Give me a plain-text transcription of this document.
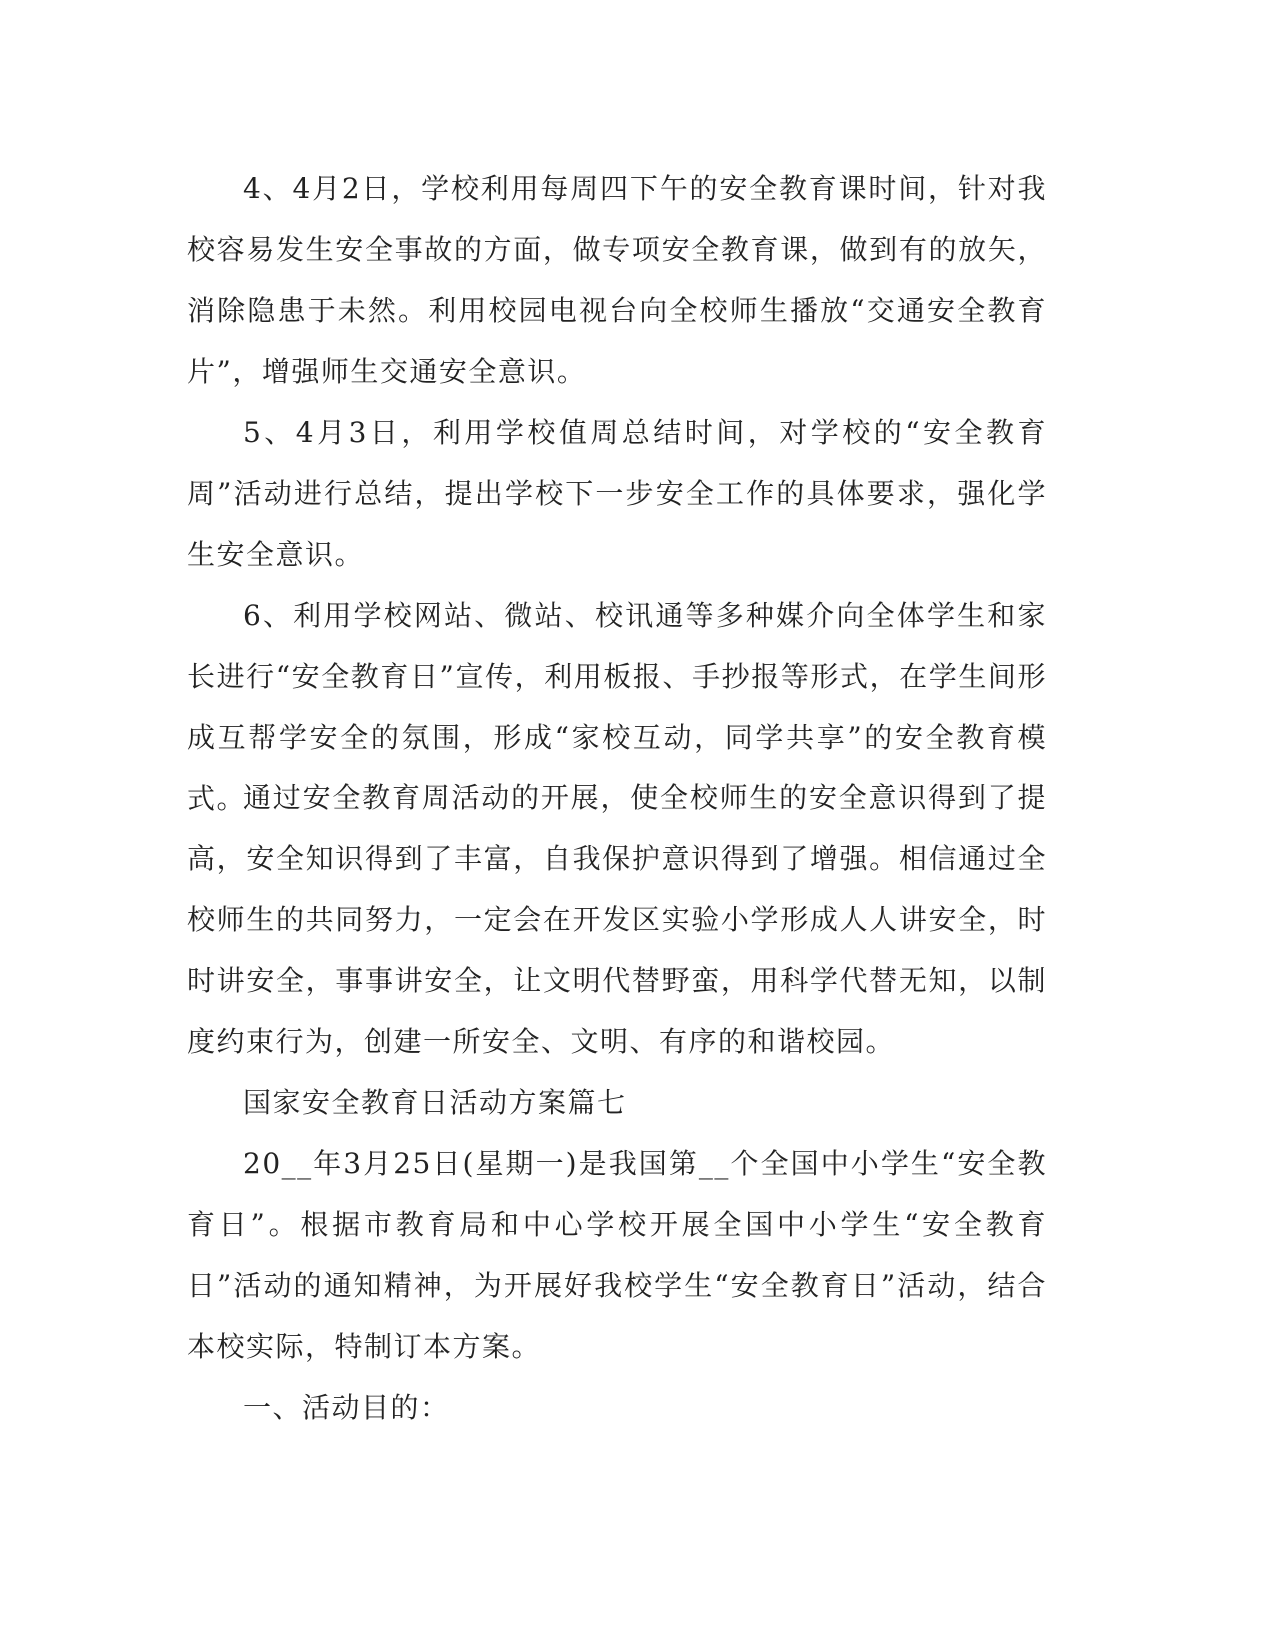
4、4月2日，学校利用每周四下午的安全教育课时间，针对我校容易发生安全事故的方面，做专项安全教育课，做到有的放矢，消除隐患于未然。利用校园电视台向全校师生播放“交通安全教育片”，增强师生交通安全意识。

5、4月3日，利用学校值周总结时间，对学校的“安全教育周”活动进行总结，提出学校下一步安全工作的具体要求，强化学生安全意识。

6、利用学校网站、微站、校讯通等多种媒介向全体学生和家长进行“安全教育日”宣传，利用板报、手抄报等形式，在学生间形成互帮学安全的氛围，形成“家校互动，同学共享”的安全教育模式。

通过安全教育周活动的开展，使全校师生的安全意识得到了提高，安全知识得到了丰富，自我保护意识得到了增强。相信通过全校师生的共同努力，一定会在开发区实验小学形成人人讲安全，时时讲安全，事事讲安全，让文明代替野蛮，用科学代替无知，以制度约束行为，创建一所安全、文明、有序的和谐校园。

国家安全教育日活动方案篇七

20__年3月25日(星期一)是我国第__个全国中小学生“安全教育日”。根据市教育局和中心学校开展全国中小学生“安全教育日”活动的通知精神，为开展好我校学生“安全教育日”活动，结合本校实际，特制订本方案。

一、活动目的：
